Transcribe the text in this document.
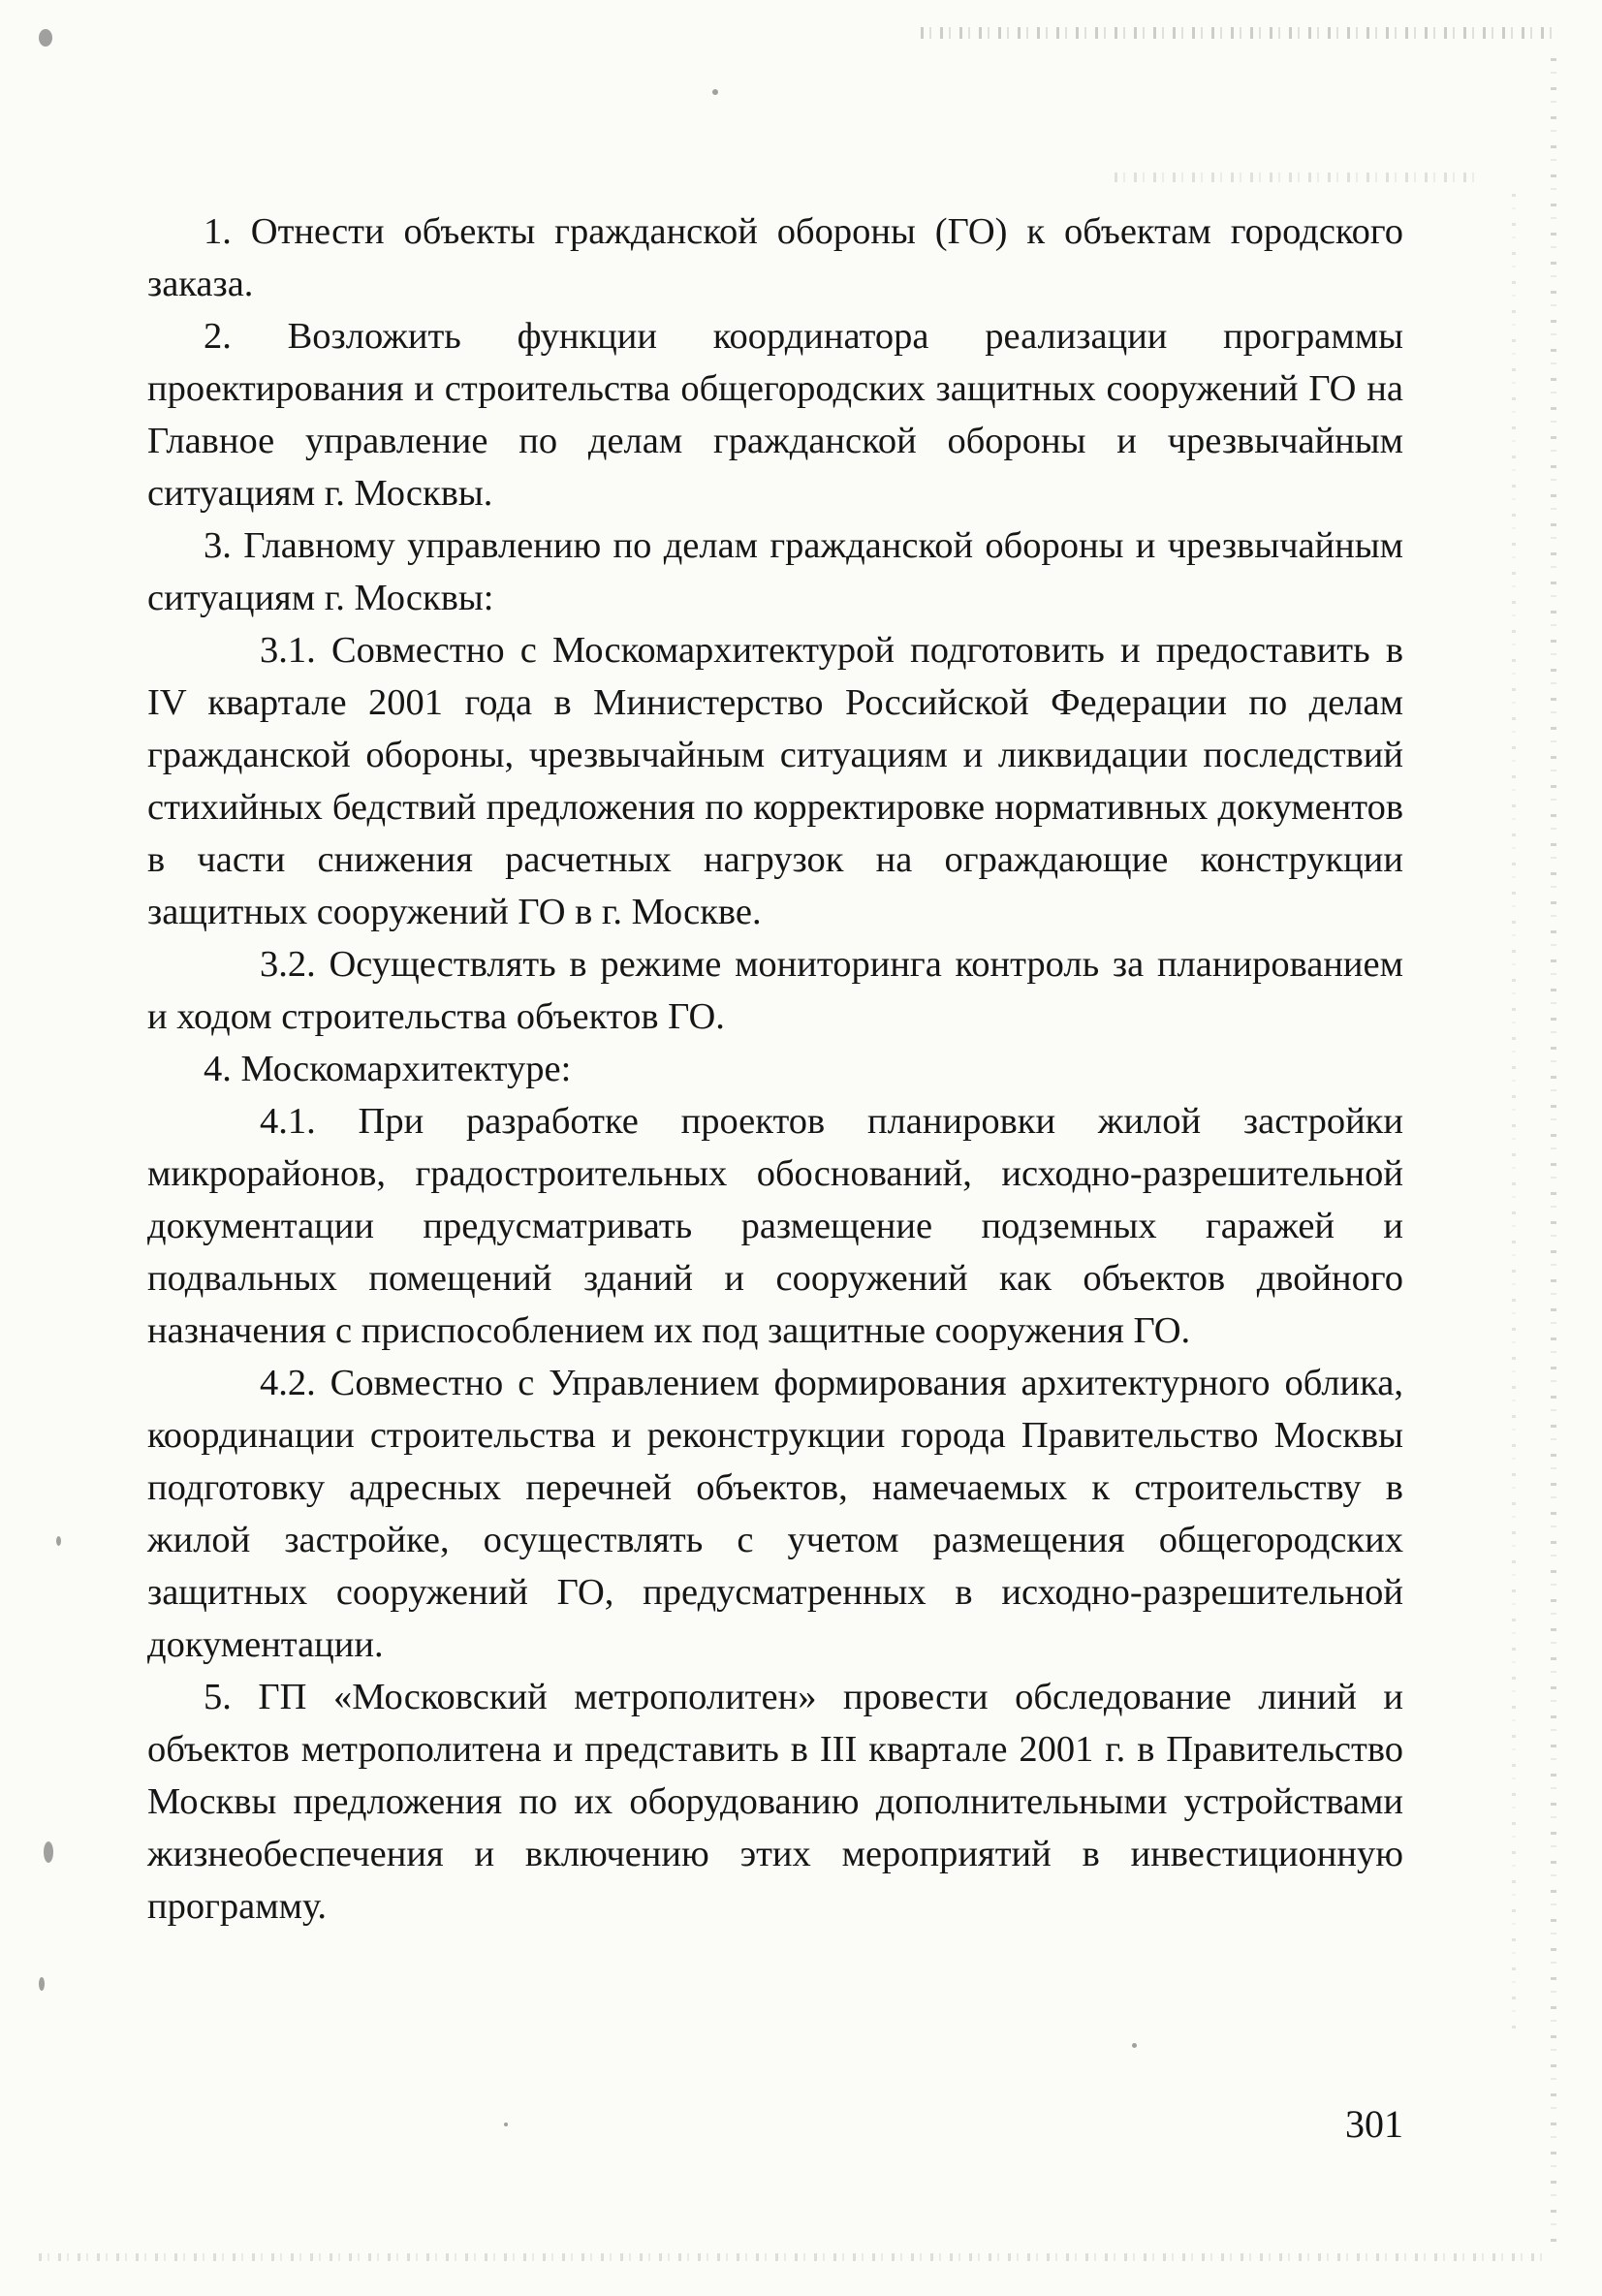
1. Отнести объекты гражданской обороны (ГО) к объектам городского заказа.

2. Возложить функции координатора реализации программы проектирования и строительства общегородских защитных сооружений ГО на Главное управление по делам гражданской обороны и чрезвычайным ситуациям г. Москвы.

3. Главному управлению по делам гражданской обороны и чрезвычайным ситуациям г. Москвы:

3.1. Совместно с Москомархитектурой подготовить и предоставить в IV квартале 2001 года в Министерство Российской Федерации по делам гражданской обороны, чрезвычайным ситуациям и ликвидации последствий стихийных бедствий предложения по корректировке нормативных документов в части снижения расчетных нагрузок на ограждающие конструкции защитных сооружений ГО в г. Москве.

3.2. Осуществлять в режиме мониторинга контроль за планированием и ходом строительства объектов ГО.

4. Москомархитектуре:

4.1. При разработке проектов планировки жилой застройки микрорайонов, градостроительных обоснований, исходно-разрешительной документации предусматривать размещение подземных гаражей и подвальных помещений зданий и сооружений как объектов двойного назначения с приспособлением их под защитные сооружения ГО.

4.2. Совместно с Управлением формирования архитектурного облика, координации строительства и реконструкции города Правительство Москвы подготовку адресных перечней объектов, намечаемых к строительству в жилой застройке, осуществлять с учетом размещения общегородских защитных сооружений ГО, предусматренных в исходно-разрешительной документации.

5. ГП «Московский метрополитен» провести обследование линий и объектов метрополитена и представить в III квартале 2001 г. в Правительство Москвы предложения по их оборудованию дополнительными устройствами жизнеобеспечения и включению этих мероприятий в инвестиционную программу.

301
